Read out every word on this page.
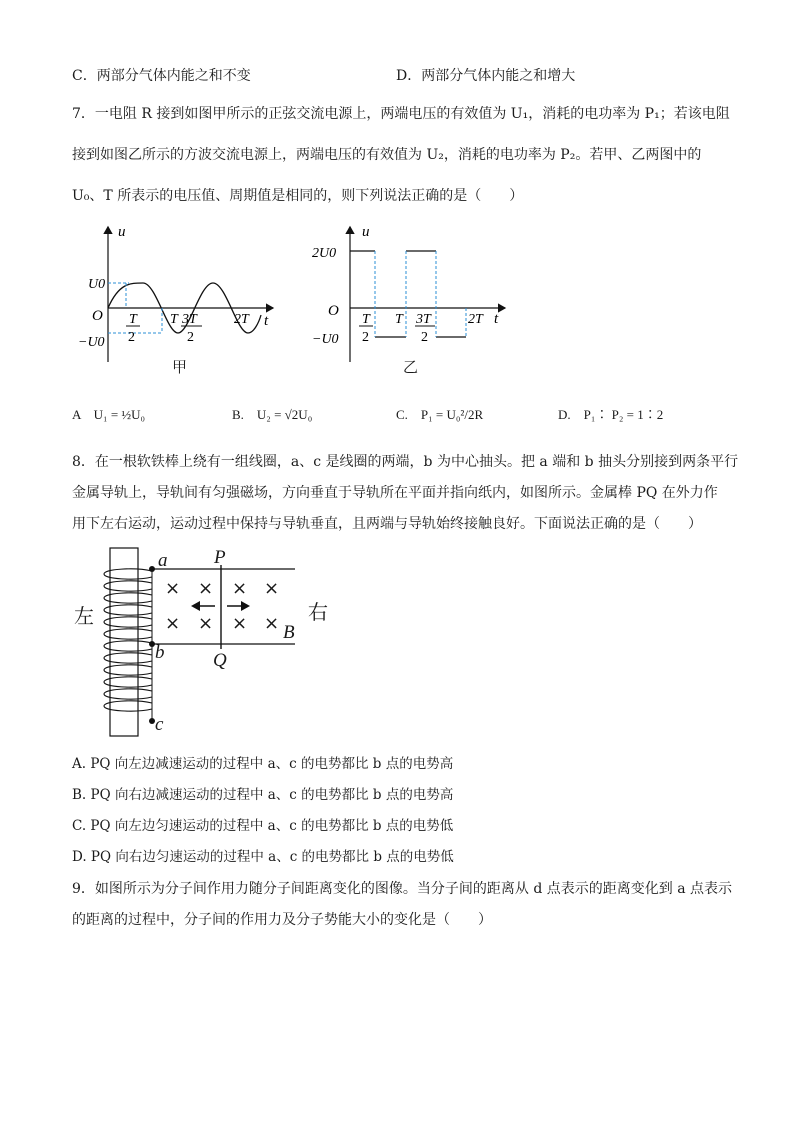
C．两部分气体内能之和不变	D．两部分气体内能之和增大
7．一电阻 R 接到如图甲所示的正弦交流电源上，两端电压的有效值为 U₁，消耗的电功率为 P₁；若该电阻
接到如图乙所示的方波交流电源上，两端电压的有效值为 U₂，消耗的电功率为 P₂。若甲、乙两图中的
U₀、T 所表示的电压值、周期值是相同的，则下列说法正确的是（　　）
u
t
O
U0
−U0
T
2
T 3T
2
2T
甲
u
t
O
2U0
−U0
T
2
T 3T
2
2T
乙
A　U₁ = ½U₀	B.　U₂ = √2U₀	C.　P₁ = U₀²/2R	D.　P₁∶ P₂ = 1∶2
8．在一根软铁棒上绕有一组线圈，a、c 是线圈的两端，b 为中心抽头。把 a 端和 b 抽头分别接到两条平行
金属导轨上，导轨间有匀强磁场，方向垂直于导轨所在平面并指向纸内，如图所示。金属棒 PQ 在外力作
用下左右运动，运动过程中保持与导轨垂直，且两端与导轨始终接触良好。下面说法正确的是（　　）
× × × ×
× × × ×
左	右
a
b
c
P
Q
B
A. PQ 向左边减速运动的过程中 a、c 的电势都比 b 点的电势高
B. PQ 向右边减速运动的过程中 a、c 的电势都比 b 点的电势高
C. PQ 向左边匀速运动的过程中 a、c 的电势都比 b 点的电势低
D. PQ 向右边匀速运动的过程中 a、c 的电势都比 b 点的电势低
9．如图所示为分子间作用力随分子间距离变化的图像。当分子间的距离从 d 点表示的距离变化到 a 点表示
的距离的过程中，分子间的作用力及分子势能大小的变化是（　　）
